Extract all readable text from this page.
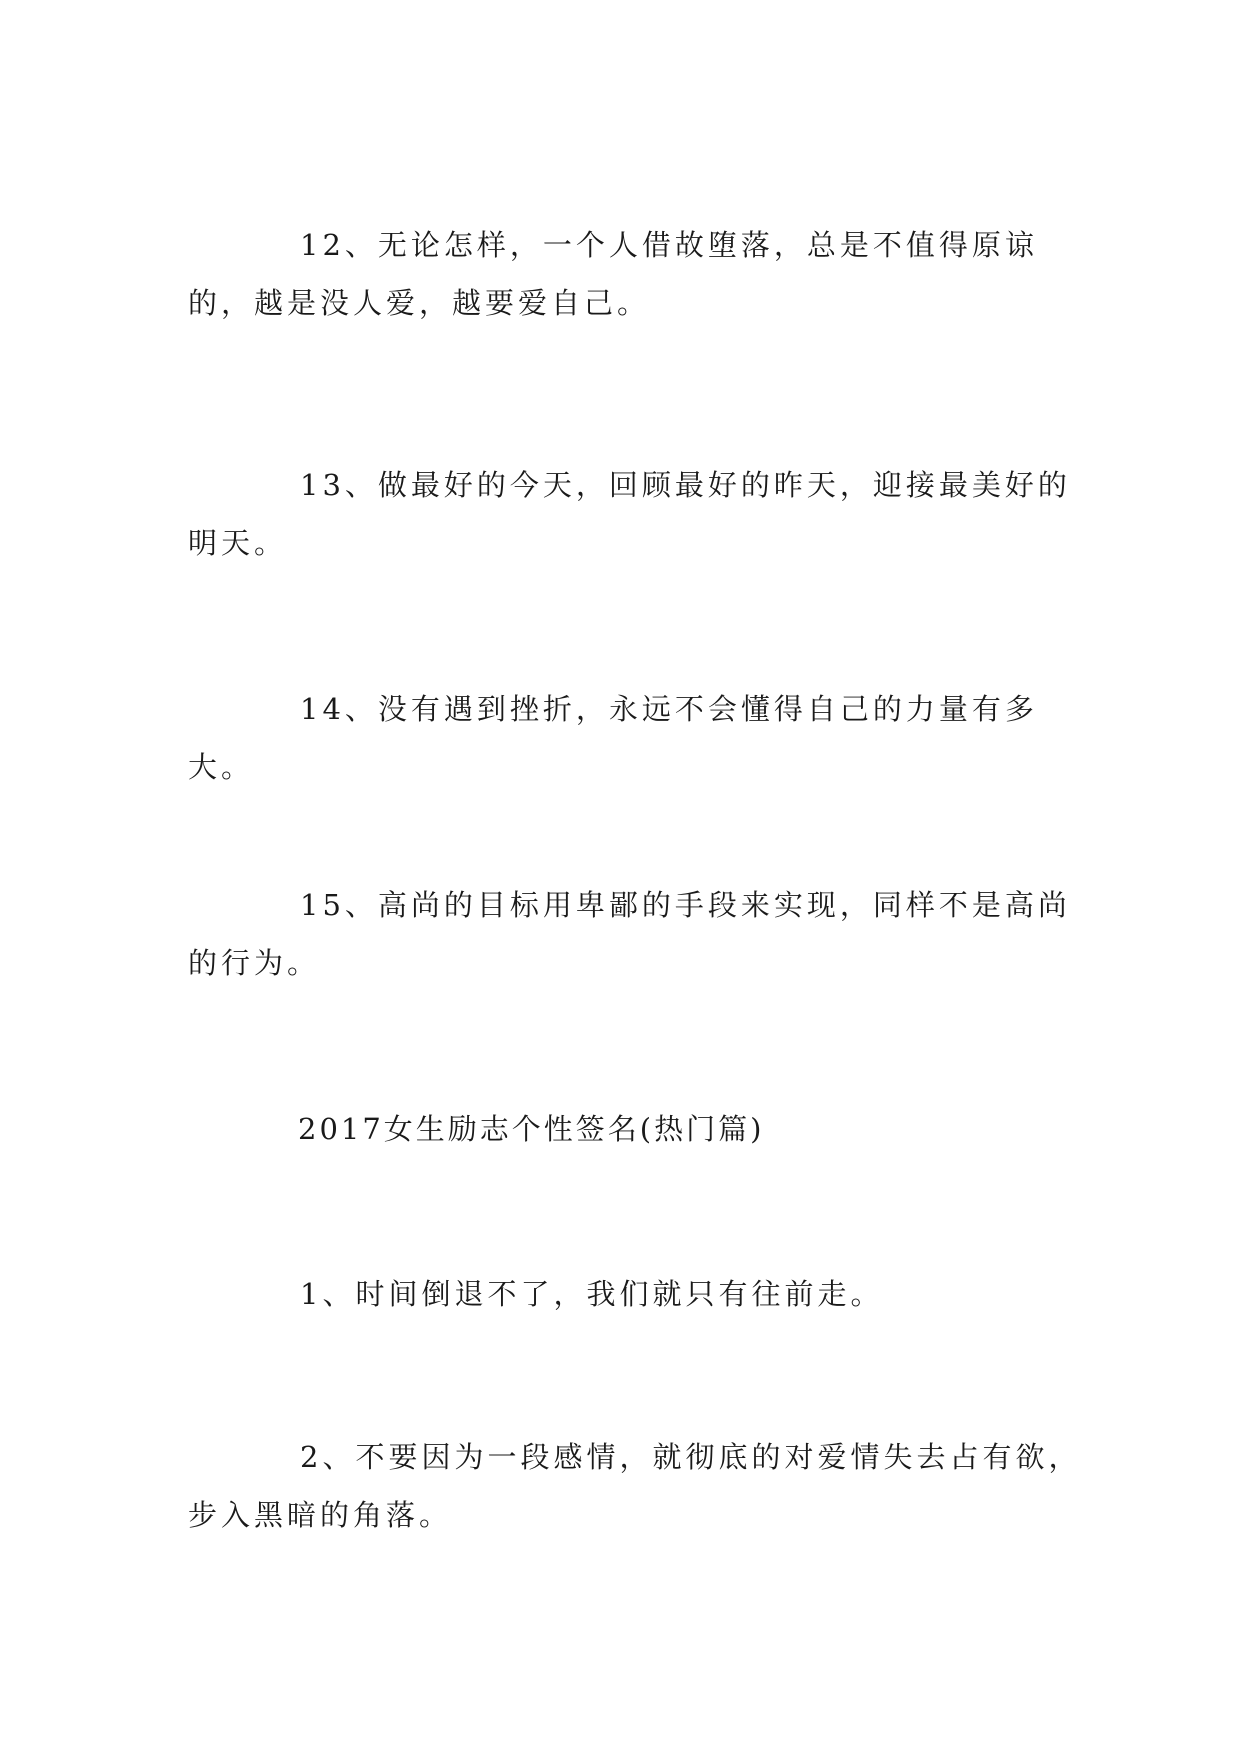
12、无论怎样，一个人借故堕落，总是不值得原谅的，越是没人爱，越要爱自己。

13、做最好的今天，回顾最好的昨天，迎接最美好的明天。

14、没有遇到挫折，永远不会懂得自己的力量有多大。

15、高尚的目标用卑鄙的手段来实现，同样不是高尚的行为。

2017女生励志个性签名(热门篇)

1、时间倒退不了，我们就只有往前走。

2、不要因为一段感情，就彻底的对爱情失去占有欲，步入黑暗的角落。
